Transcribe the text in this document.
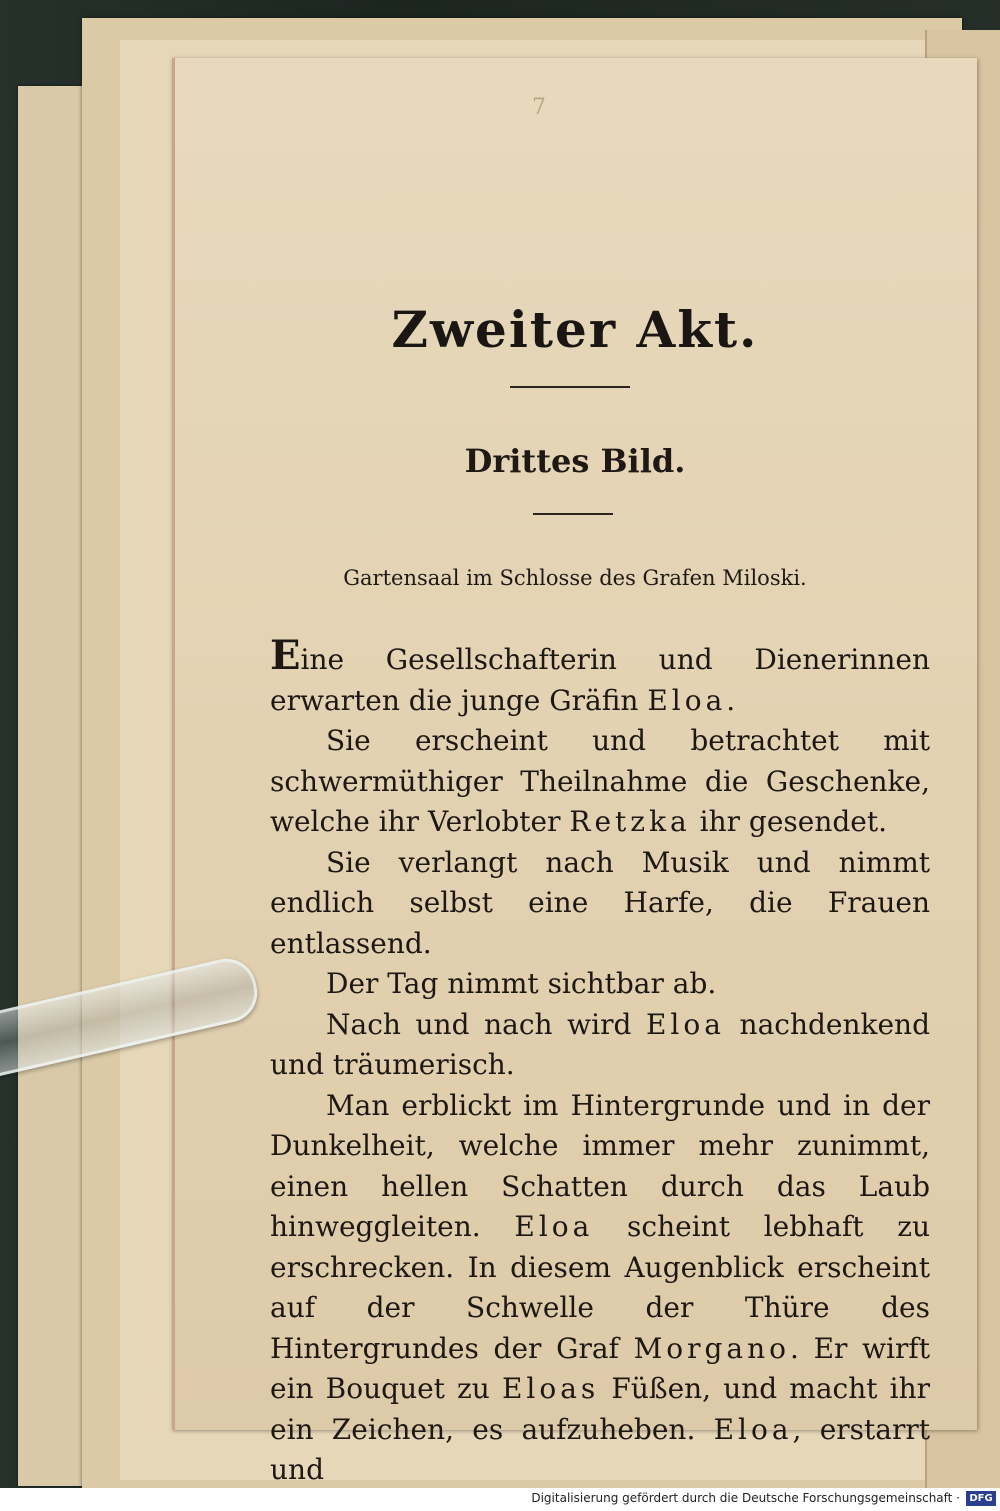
7
Zweiter Akt.
Drittes Bild.
Gartensaal im Schlosse des Grafen Miloski.

Eine Gesellschafterin und Dienerinnen erwarten die junge Gräfin Eloa.

Sie erscheint und betrachtet mit schwermüthiger Theilnahme die Geschenke, welche ihr Verlobter Retzka ihr gesendet.

Sie verlangt nach Musik und nimmt endlich selbst eine Harfe, die Frauen entlassend.

Der Tag nimmt sichtbar ab.

Nach und nach wird Eloa nachdenkend und träumerisch.

Man erblickt im Hintergrunde und in der Dunkelheit, welche immer mehr zunimmt, einen hellen Schatten durch das Laub hinweggleiten. Eloa scheint lebhaft zu erschrecken. In diesem Augenblick erscheint auf der Schwelle der Thüre des Hintergrundes der Graf Morgano. Er wirft ein Bouquet zu Eloas Füßen, und macht ihr ein Zeichen, es aufzuheben. Eloa, erstarrt und

Digitalisierung gefördert durch die Deutsche Forschungsgemeinschaft · DFG
